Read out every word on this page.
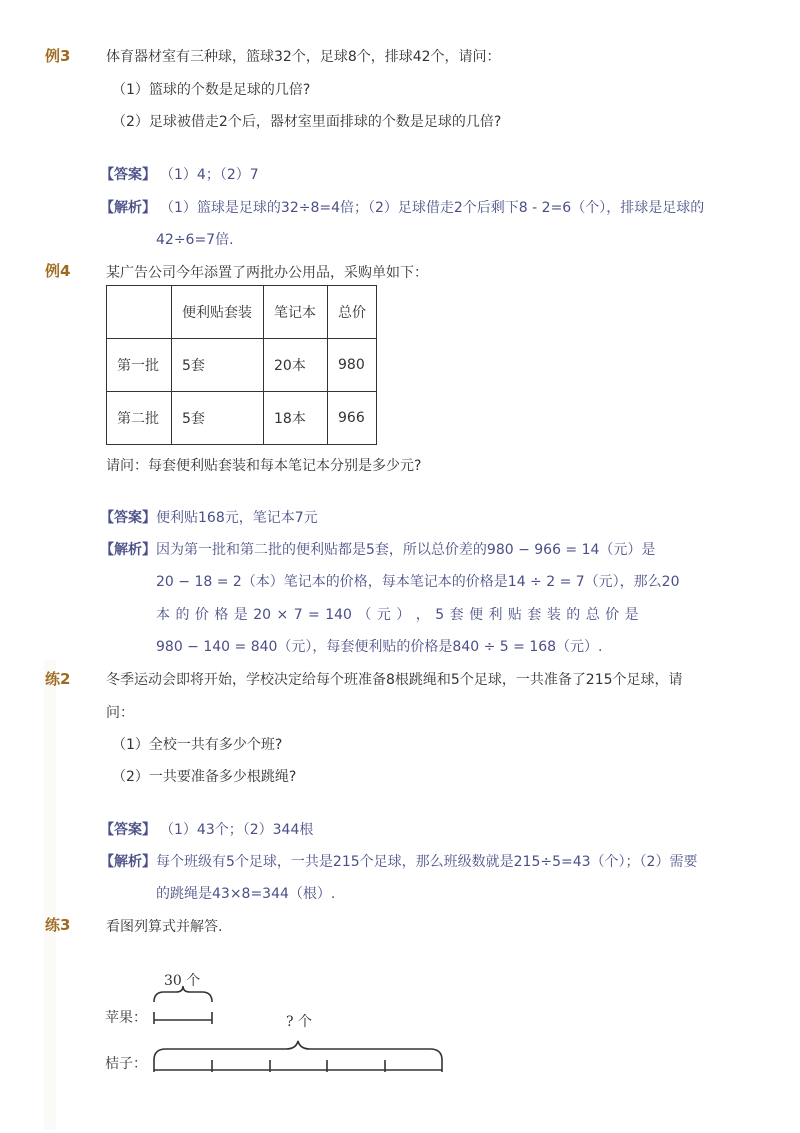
例3	体育器材室有三种球，篮球32个，足球8个，排球42个，请问：
（1）篮球的个数是足球的几倍?
（2）足球被借走2个后，器材室里面排球的个数是足球的几倍?
【答案】 （1）4；（2）7
【解析】 （1）篮球是足球的32÷8=4倍；（2）足球借走2个后剩下8 - 2=6（个），排球是足球的
42÷6=7倍.
例4	某广告公司今年添置了两批办公用品，采购单如下：
	便利贴套装	笔记本	总价
第一批	5套	20本	980
第二批	5套	18本	966
请问：每套便利贴套装和每本笔记本分别是多少元?
【答案】 便利贴168元，笔记本7元
【解析】 因为第一批和第二批的便利贴都是5套，所以总价差的980 − 966 = 14（元）是
20 − 18 = 2（本）笔记本的价格，每本笔记本的价格是14 ÷ 2 = 7（元），那么20
本 的 价 格 是 20 × 7 = 140 （ 元 ） ， 5 套 便 利 贴 套 装 的 总 价 是
980 − 140 = 840（元），每套便利贴的价格是840 ÷ 5 = 168（元）.
练2	冬季运动会即将开始，学校决定给每个班准备8根跳绳和5个足球，一共准备了215个足球，请
问：
（1）全校一共有多少个班?
（2）一共要准备多少根跳绳?
【答案】 （1）43个；（2）344根
【解析】 每个班级有5个足球，一共是215个足球，那么班级数就是215÷5=43（个）；（2）需要
的跳绳是43×8=344（根）.
练3	看图列算式并解答.
30 个
苹果：	? 个
桔子：
